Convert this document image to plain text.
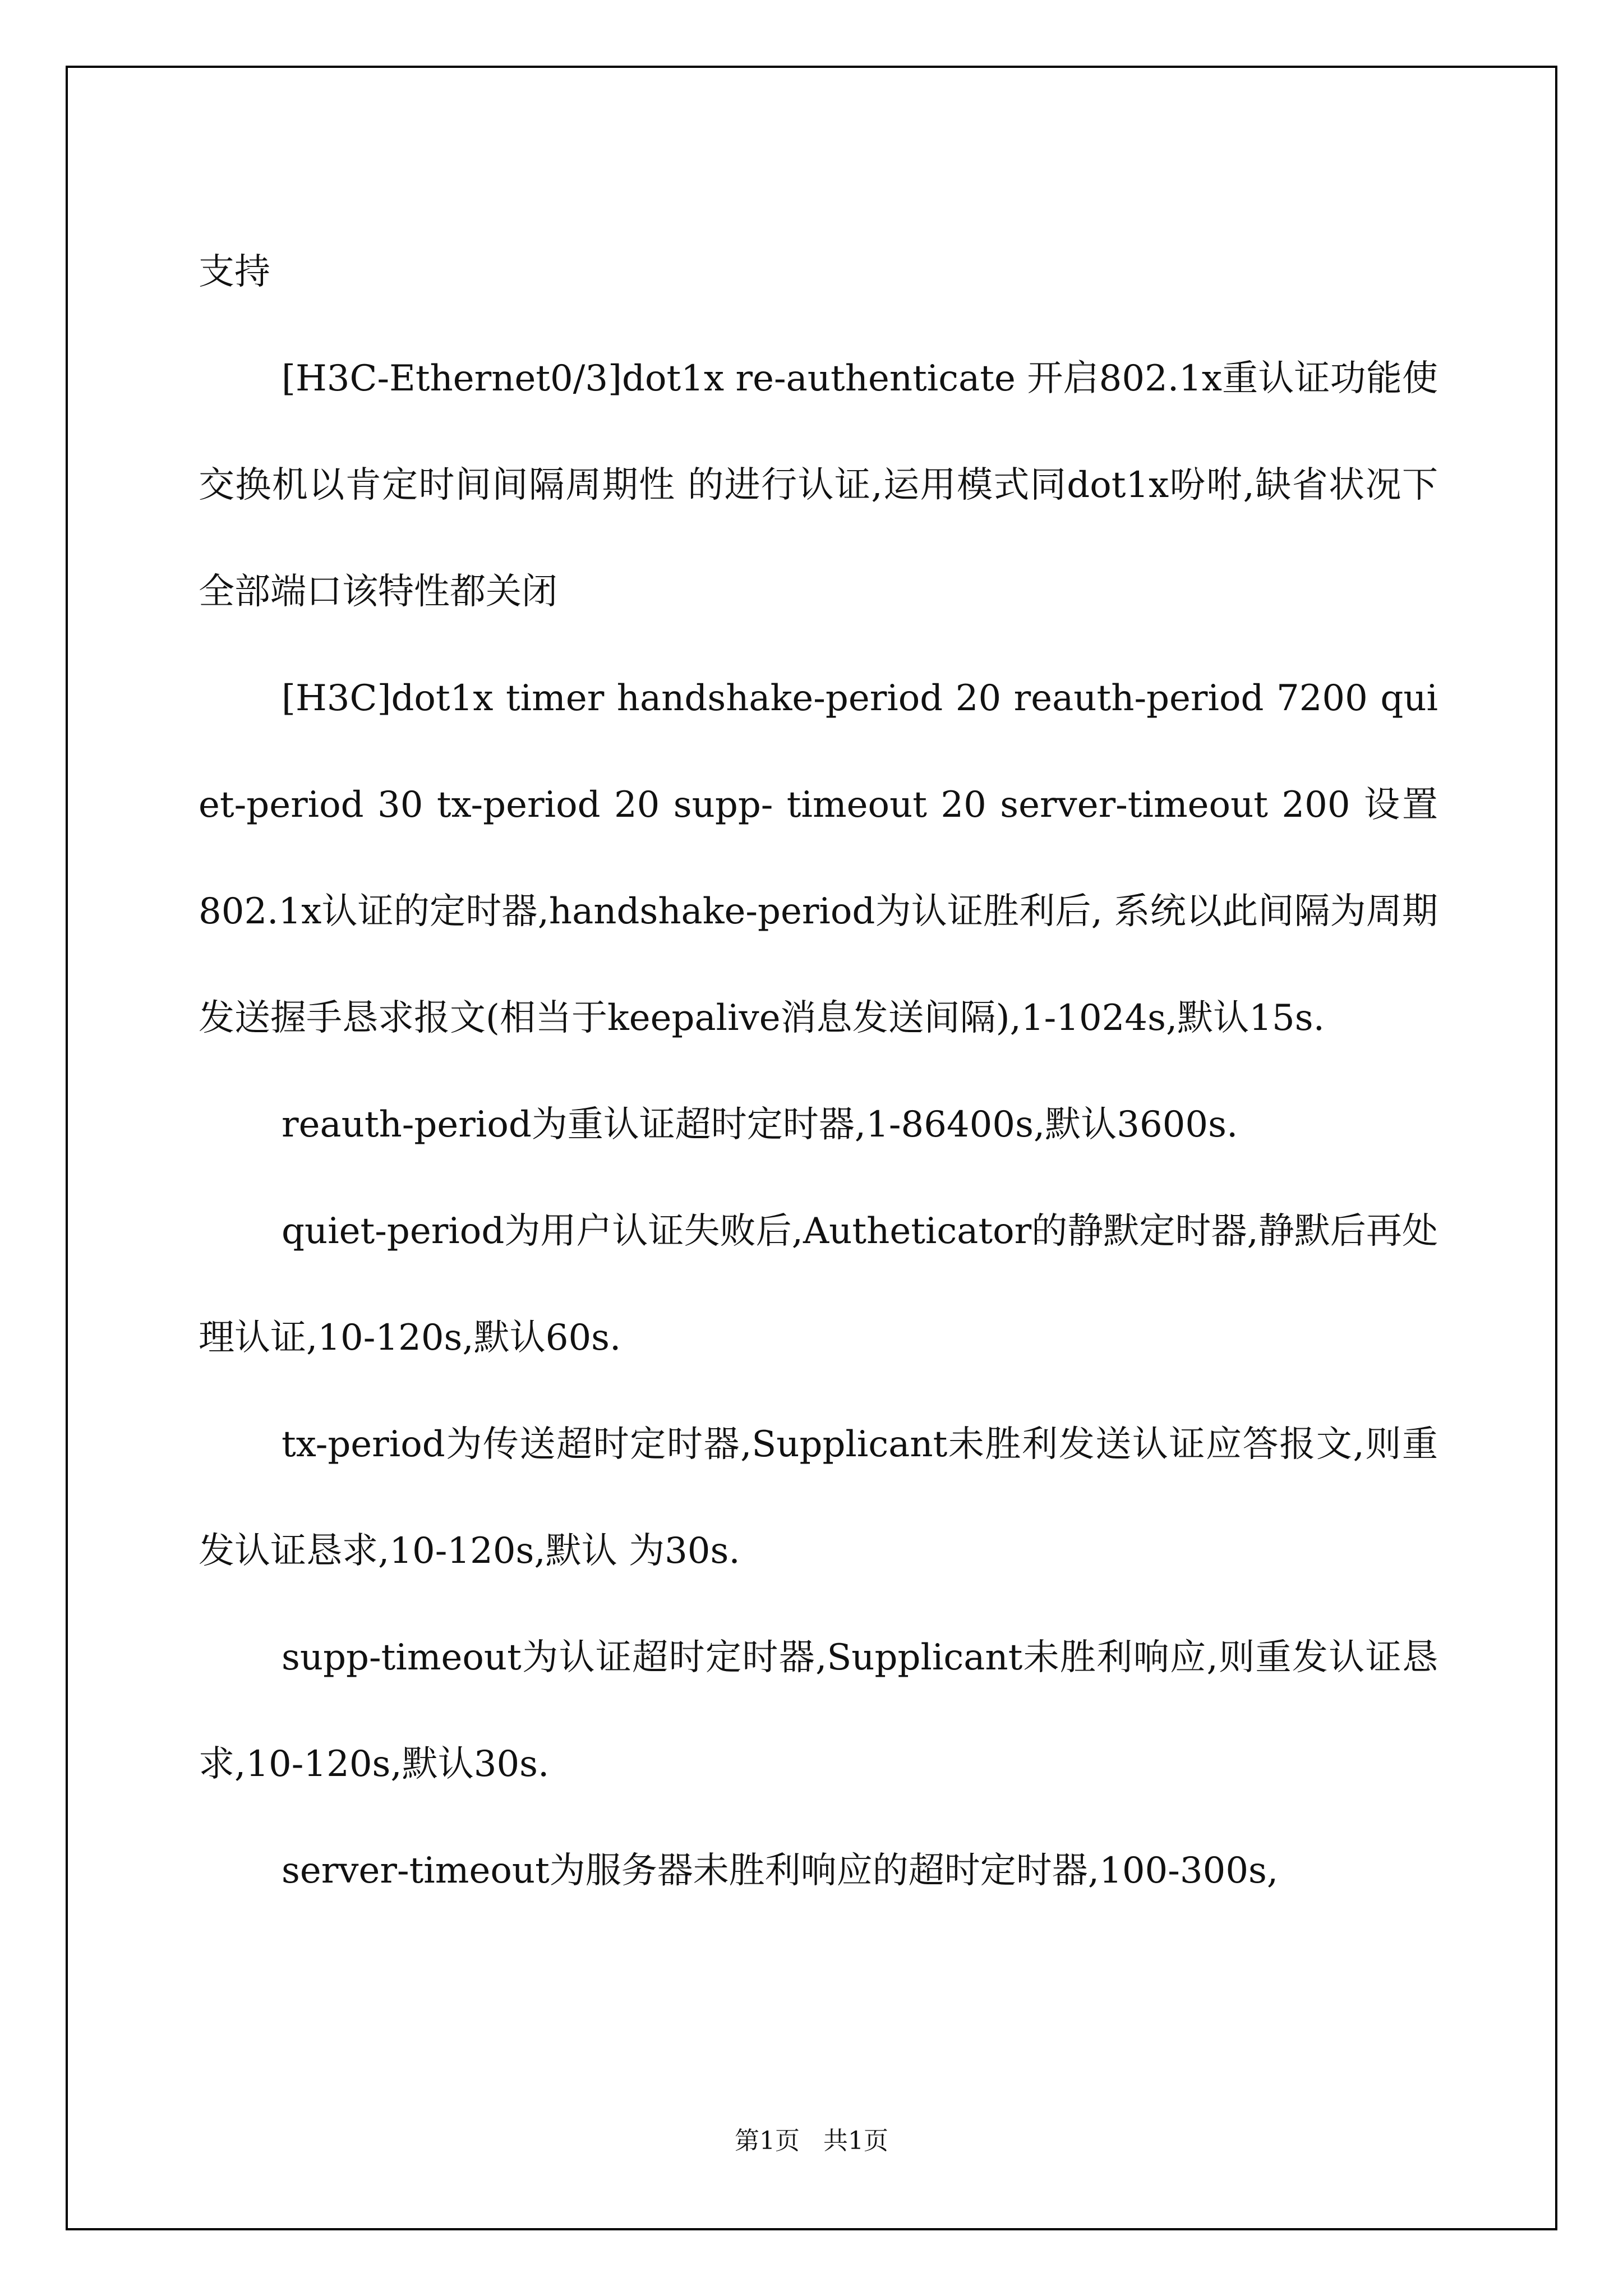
支持

[H3C-Ethernet0/3]dot1x re-authenticate 开启802.1x重认证功能使交换机以肯定时间间隔周期性 的进行认证,运用模式同dot1x吩咐,缺省状况下全部端口该特性都关闭

[H3C]dot1x timer handshake-period 20 reauth-period 7200 quiet-period 30 tx-period 20 supp- timeout 20 server-timeout 200 设置802.1x认证的定时器,handshake-period为认证胜利后, 系统以此间隔为周期发送握手恳求报文(相当于keepalive消息发送间隔),1-1024s,默认15s.

reauth-period为重认证超时定时器,1-86400s,默认3600s.

quiet-period为用户认证失败后,Autheticator的静默定时器,静默后再处理认证,10-120s,默认60s.

tx-period为传送超时定时器,Supplicant未胜利发送认证应答报文,则重发认证恳求,10-120s,默认 为30s.

supp-timeout为认证超时定时器,Supplicant未胜利响应,则重发认证恳求,10-120s,默认30s.

server-timeout为服务器未胜利响应的超时定时器,100-300s,

第1页   共1页
